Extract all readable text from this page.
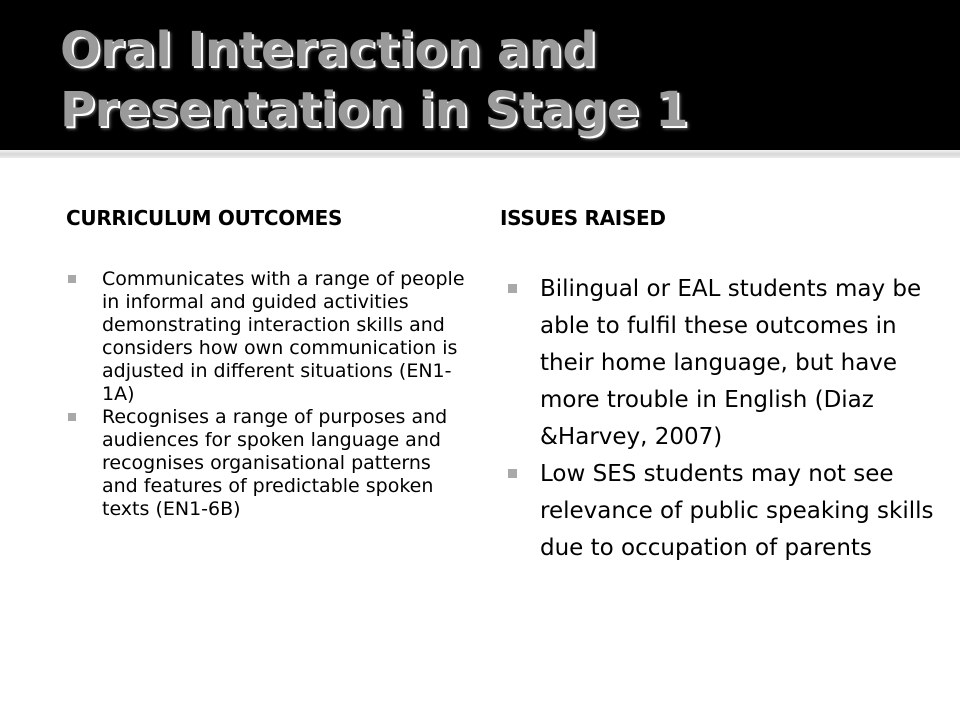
Oral Interaction and Presentation in Stage 1
CURRICULUM OUTCOMES	ISSUES RAISED
Communicates with a range of people in informal and guided activities demonstrating interaction skills and considers how own communication is adjusted in different situations (EN1-1A)
Recognises a range of purposes and audiences for spoken language and recognises organisational patterns and features of predictable spoken texts (EN1-6B)
Bilingual or EAL students may be able to fulfil these outcomes in their home language, but have more trouble in English (Diaz &Harvey, 2007)
Low SES students may not see relevance of public speaking skills due to occupation of parents
